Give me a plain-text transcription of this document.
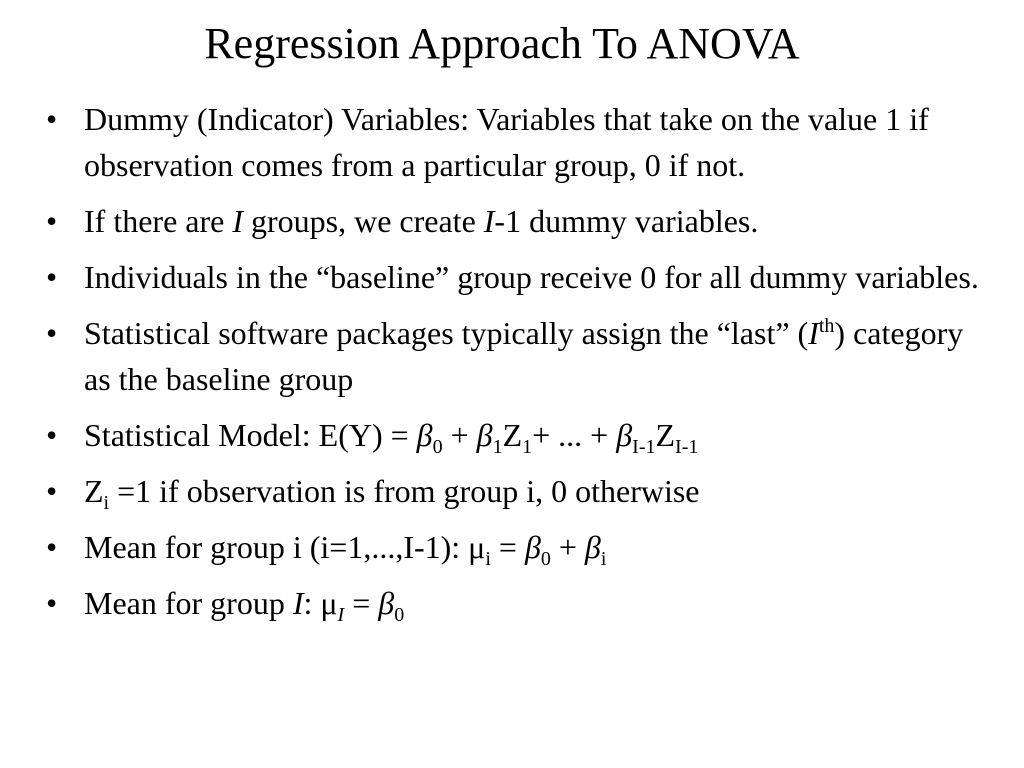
Regression Approach To ANOVA
• Dummy (Indicator) Variables: Variables that take on the value 1 if observation comes from a particular group, 0 if not.
• If there are I groups, we create I-1 dummy variables.
• Individuals in the “baseline” group receive 0 for all dummy variables.
• Statistical software packages typically assign the “last” (Ith) category as the baseline group
• Statistical Model: $E(Y) = \beta_0 + \beta_1Z_1+$ ... + $\beta_{I-1}Z_{I-1}$
• $Z_i =1$ if observation is from group i, 0 otherwise
• Mean for group i (i=1,...,I-1): $\mu_i = \beta_0 + \beta_i$
• Mean for group I: $\mu_I = \beta_0$
